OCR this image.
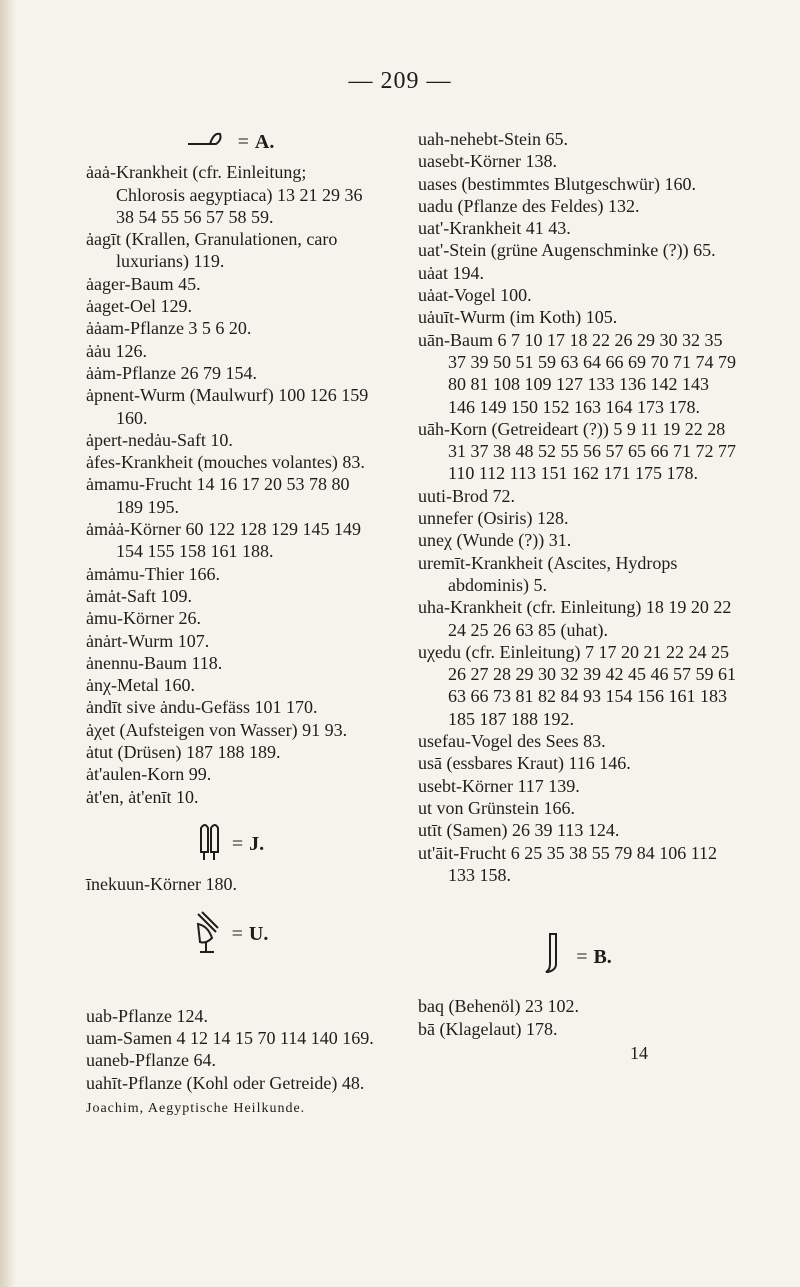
— 209 —
= A.

ȧaȧ-Krankheit (cfr. Einleitung; Chlorosis aegyptiaca) 13 21 29 36 38 54 55 56 57 58 59.

ȧagīt (Krallen, Granulationen, caro luxurians) 119.

ȧager-Baum 45.

ȧaget-Oel 129.

ȧȧam-Pflanze 3 5 6 20.

ȧȧu 126.

ȧȧm-Pflanze 26 79 154.

ȧpnent-Wurm (Maulwurf) 100 126 159 160.

ȧpert-nedȧu-Saft 10.

ȧfes-Krankheit (mouches volantes) 83.

ȧmamu-Frucht 14 16 17 20 53 78 80 189 195.

ȧmȧȧ-Körner 60 122 128 129 145 149 154 155 158 161 188.

ȧmȧmu-Thier 166.

ȧmȧt-Saft 109.

ȧmu-Körner 26.

ȧnȧrt-Wurm 107.

ȧnennu-Baum 118.

ȧnχ-Metal 160.

ȧndīt sive ȧndu-Gefäss 101 170.

ȧχet (Aufsteigen von Wasser) 91 93.

ȧtut (Drüsen) 187 188 189.

ȧt'aulen-Korn 99.

ȧt'en, ȧt'enīt 10.

= J.

īnekuun-Körner 180.

= U.

uab-Pflanze 124.

uam-Samen 4 12 14 15 70 114 140 169.

uaneb-Pflanze 64.

uahīt-Pflanze (Kohl oder Getreide) 48.

Joachim, Aegyptische Heilkunde.

uah-nehebt-Stein 65.

uasebt-Körner 138.

uases (bestimmtes Blutgeschwür) 160.

uadu (Pflanze des Feldes) 132.

uat'-Krankheit 41 43.

uat'-Stein (grüne Augenschminke (?)) 65.

uȧat 194.

uȧat-Vogel 100.

uȧuīt-Wurm (im Koth) 105.

uān-Baum 6 7 10 17 18 22 26 29 30 32 35 37 39 50 51 59 63 64 66 69 70 71 74 79 80 81 108 109 127 133 136 142 143 146 149 150 152 163 164 173 178.

uāh-Korn (Getreideart (?)) 5 9 11 19 22 28 31 37 38 48 52 55 56 57 65 66 71 72 77 110 112 113 151 162 171 175 178.

uuti-Brod 72.

unnefer (Osiris) 128.

uneχ (Wunde (?)) 31.

uremīt-Krankheit (Ascites, Hydrops abdominis) 5.

uha-Krankheit (cfr. Einleitung) 18 19 20 22 24 25 26 63 85 (uhat).

uχedu (cfr. Einleitung) 7 17 20 21 22 24 25 26 27 28 29 30 32 39 42 45 46 57 59 61 63 66 73 81 82 84 93 154 156 161 183 185 187 188 192.

usefau-Vogel des Sees 83.

usā (essbares Kraut) 116 146.

usebt-Körner 117 139.

ut von Grünstein 166.

utīt (Samen) 26 39 113 124.

ut'āit-Frucht 6 25 35 38 55 79 84 106 112 133 158.

= B.

baq (Behenöl) 23 102.

bā (Klagelaut) 178.

14
